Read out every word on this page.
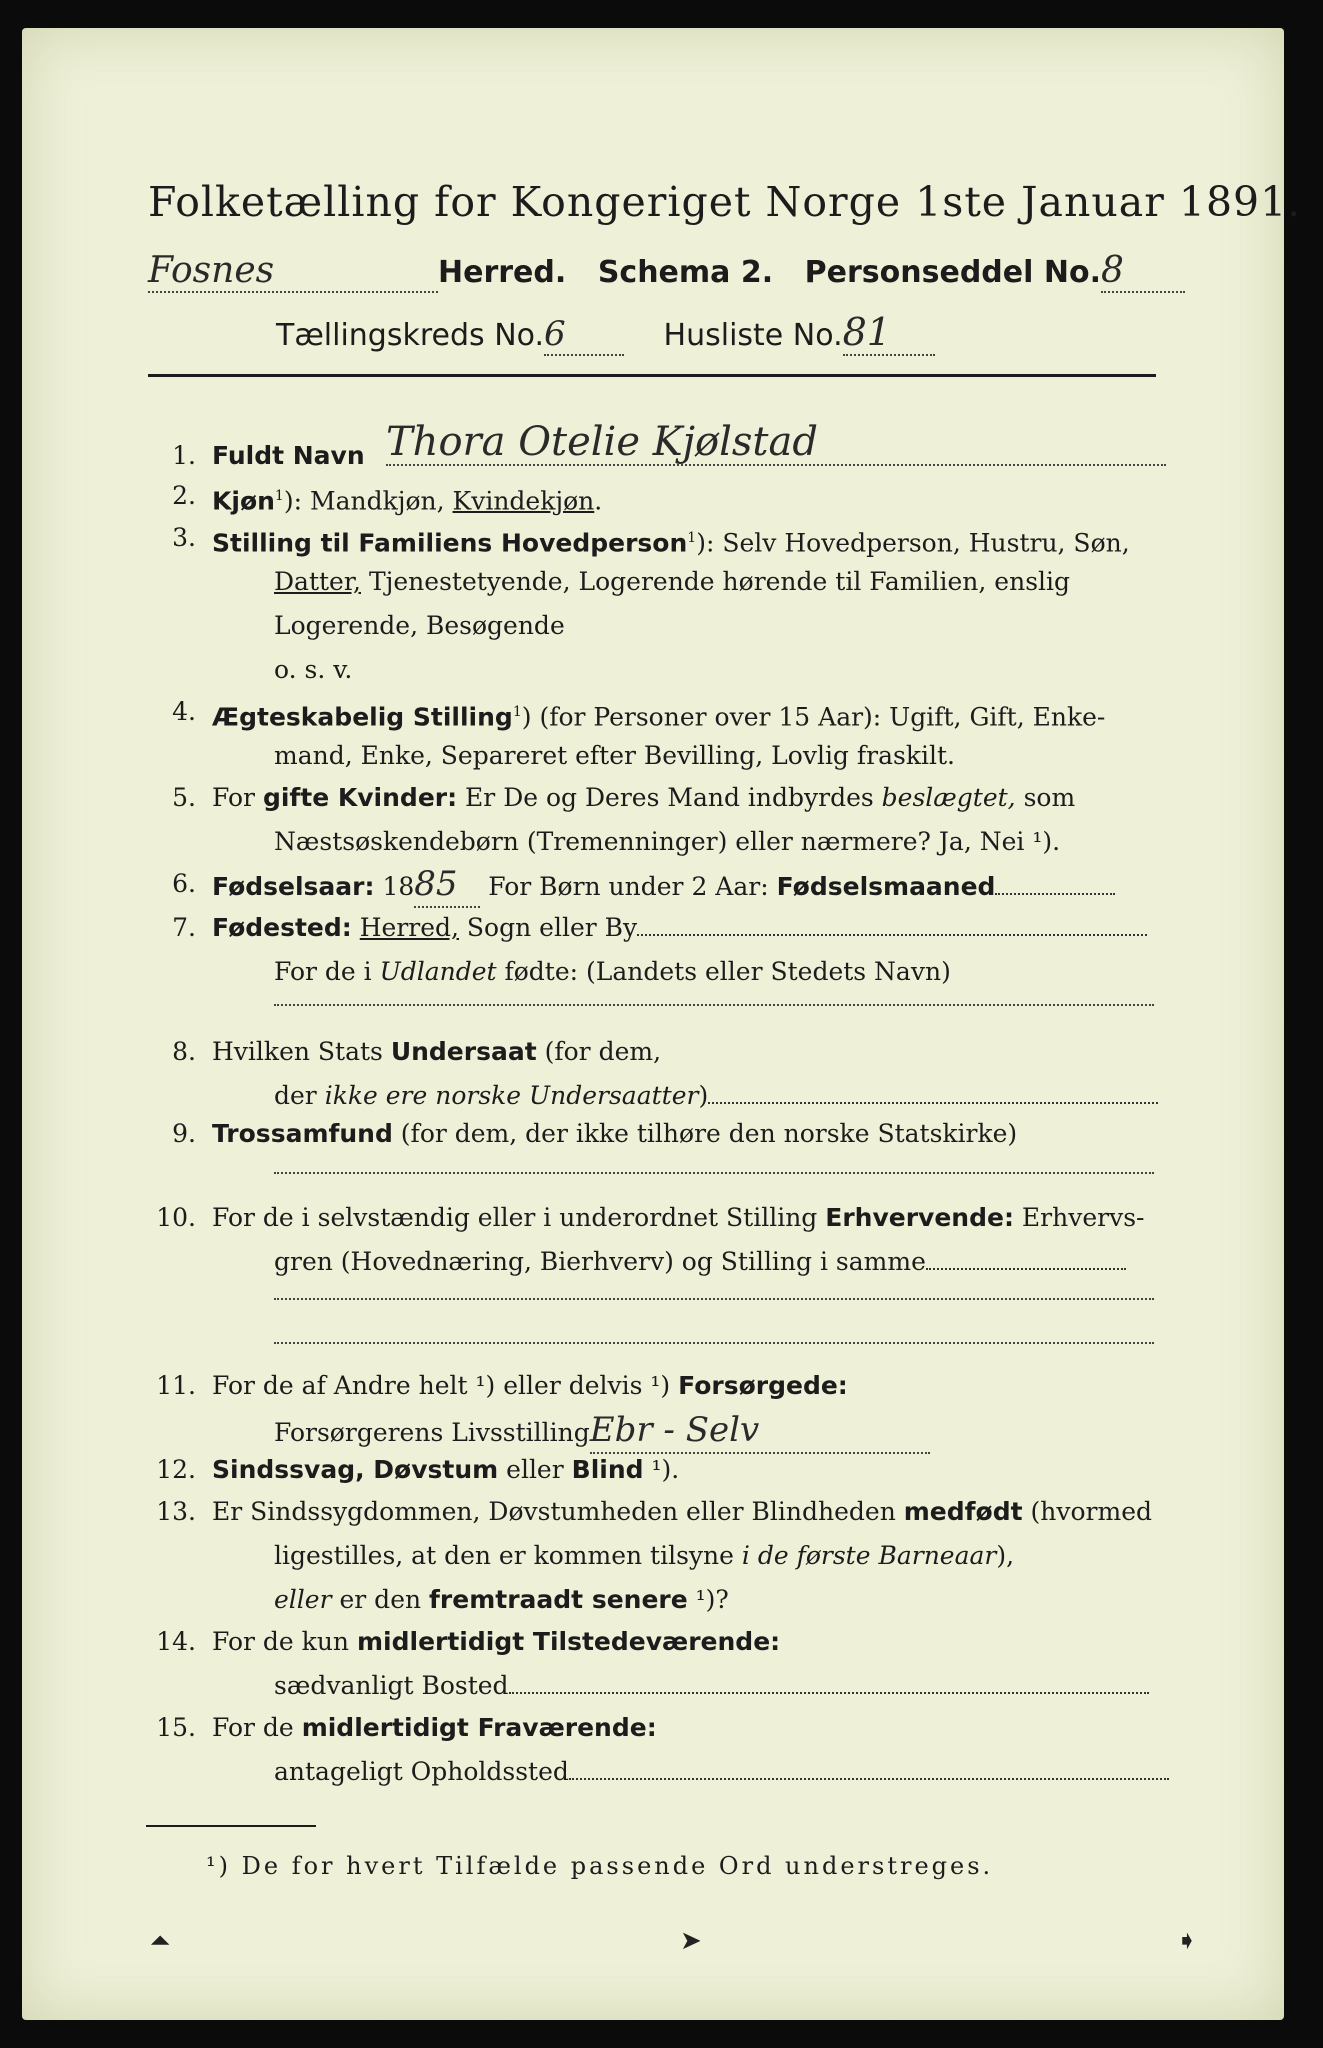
Folketælling for Kongeriget Norge 1ste Januar 1891.
Fosnes	Herred. Schema 2. Personseddel No.8
Tællingskreds No.6	Husliste No.81
1. Fuldt Navn Thora Otelie Kjølstad
2. Kjøn$^1$): Mandkjøn, Kvindekjøn.
3. Stilling til Familiens Hovedperson$^1$): Selv Hovedperson, Hustru, Søn,
Datter, Tjenestetyende, Logerende hørende til Familien, enslig
Logerende, Besøgende
o. s. v.
4. Ægteskabelig Stilling$^1$) (for Personer over 15 Aar): Ugift, Gift, Enke-
mand, Enke, Separeret efter Bevilling, Lovlig fraskilt.
5. For gifte Kvinder: Er De og Deres Mand indbyrdes beslægtet, som
Næstsøskendebørn (Tremenninger) eller nærmere? Ja, Nei ¹).
6. Fødselsaar: 1885 For Børn under 2 Aar: Fødselsmaaned
7. Fødested: Herred, Sogn eller By
For de i Udlandet fødte: (Landets eller Stedets Navn)
8. Hvilken Stats Undersaat (for dem,
der ikke ere norske Undersaatter)
9. Trossamfund (for dem, der ikke tilhøre den norske Statskirke)
10. For de i selvstændig eller i underordnet Stilling Erhvervende: Erhvervs-
gren (Hovednæring, Bierhverv) og Stilling i samme
11. For de af Andre helt ¹) eller delvis ¹) Forsørgede:
Forsørgerens LivsstillingEbr - Selv
12. Sindssvag, Døvstum eller Blind ¹).
13. Er Sindssygdommen, Døvstumheden eller Blindheden medfødt (hvormed
ligestilles, at den er kommen tilsyne i de første Barneaar),
eller er den fremtraadt senere ¹)?
14. For de kun midlertidigt Tilstedeværende:
sædvanligt Bosted
15. For de midlertidigt Fraværende:
antageligt Opholdssted
¹) De for hvert Tilfælde passende Ord understreges.
⏶	➤	➧
